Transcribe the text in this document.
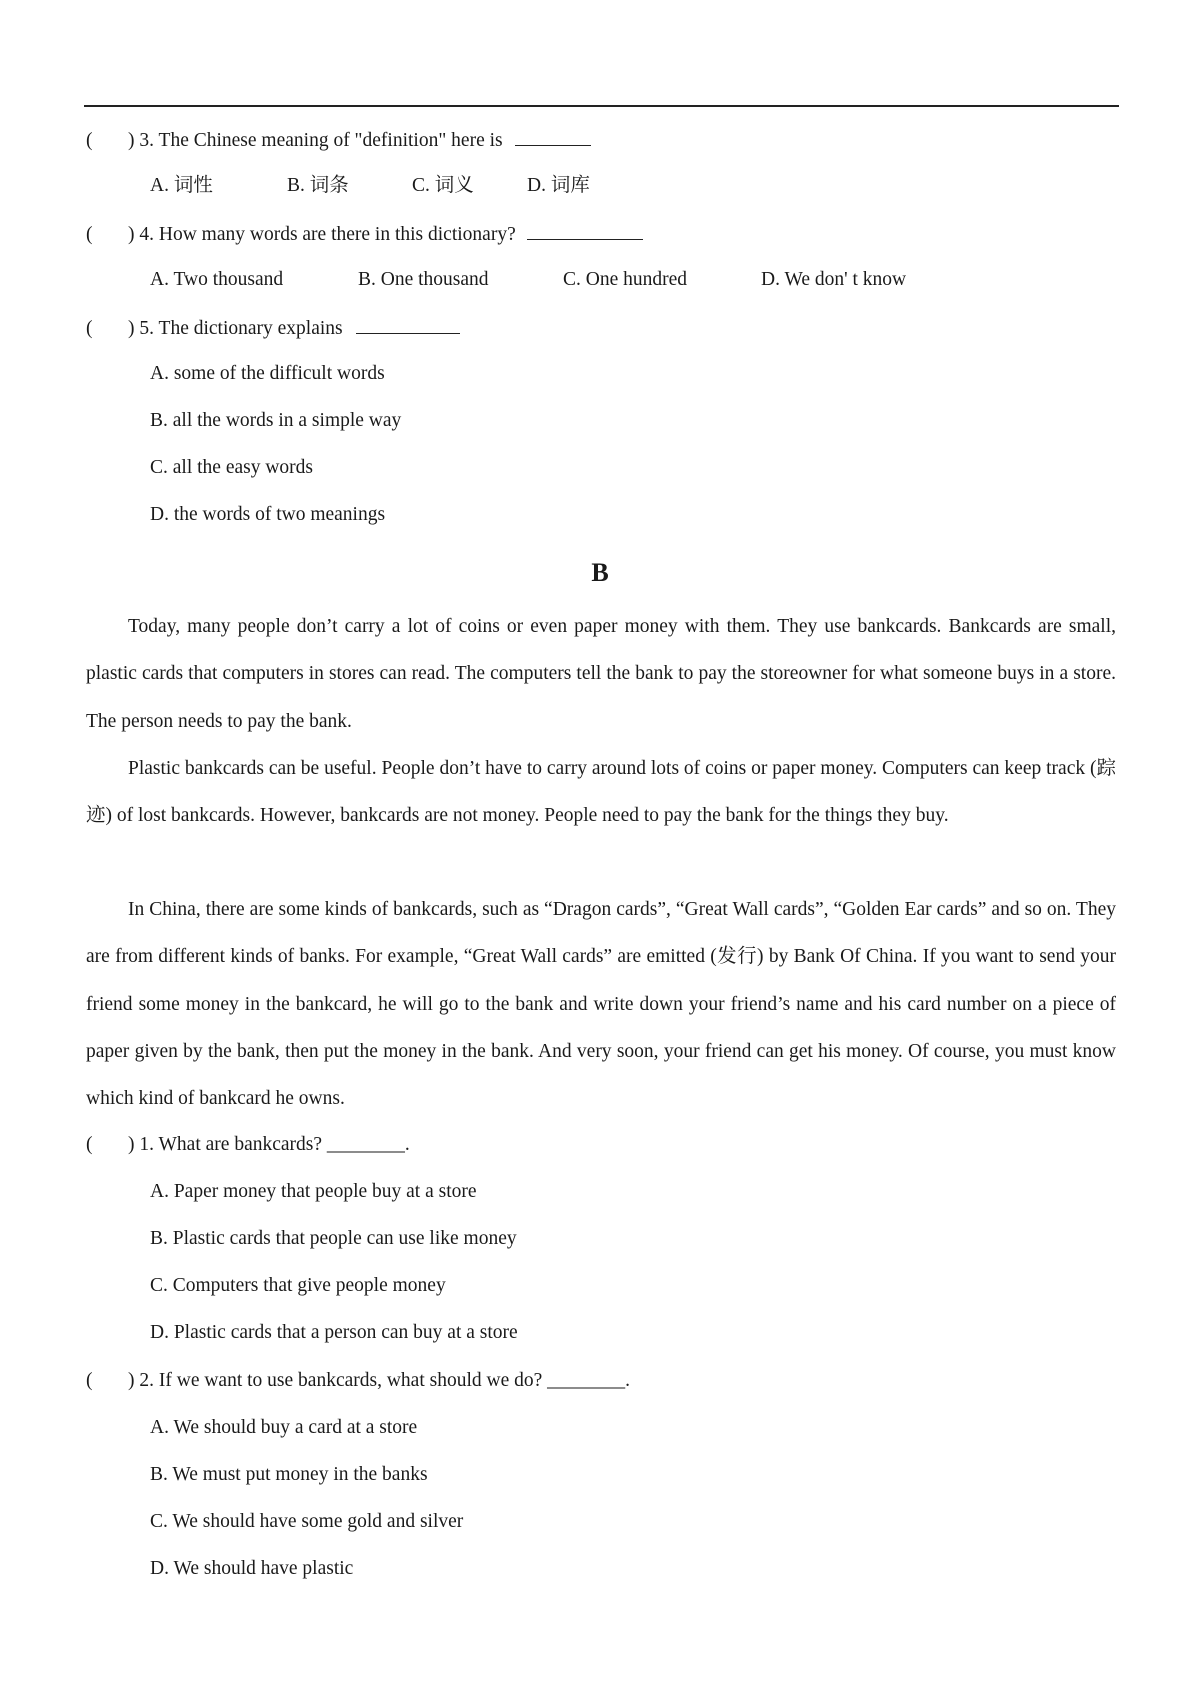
( ) 3. The Chinese meaning of "definition" here is
A. 词性	B. 词条	C. 词义	D. 词库
( ) 4. How many words are there in this dictionary?
A. Two thousand	B. One thousand	C. One hundred	D. We don' t know
( ) 5. The dictionary explains
A. some of the difficult words
B. all the words in a simple way
C. all the easy words
D. the words of two meanings
B
Today, many people don’t carry a lot of coins or even paper money with them. They use bankcards. Bankcards are small, plastic cards that computers in stores can read. The computers tell the bank to pay the storeowner for what someone buys in a store. The person needs to pay the bank.
Plastic bankcards can be useful. People don’t have to carry around lots of coins or paper money. Computers can keep track (踪迹) of lost bankcards. However, bankcards are not money. People need to pay the bank for the things they buy.
In China, there are some kinds of bankcards, such as “Dragon cards”, “Great Wall cards”, “Golden Ear cards” and so on. They are from different kinds of banks. For example, “Great Wall cards” are emitted (发行) by Bank Of China. If you want to send your friend some money in the bankcard, he will go to the bank and write down your friend’s name and his card number on a piece of paper given by the bank, then put the money in the bank. And very soon, your friend can get his money. Of course, you must know which kind of bankcard he owns.
( ) 1. What are bankcards? ________.
A. Paper money that people buy at a store
B. Plastic cards that people can use like money
C. Computers that give people money
D. Plastic cards that a person can buy at a store
( ) 2. If we want to use bankcards, what should we do? ________.
A. We should buy a card at a store
B. We must put money in the banks
C. We should have some gold and silver
D. We should have plastic
